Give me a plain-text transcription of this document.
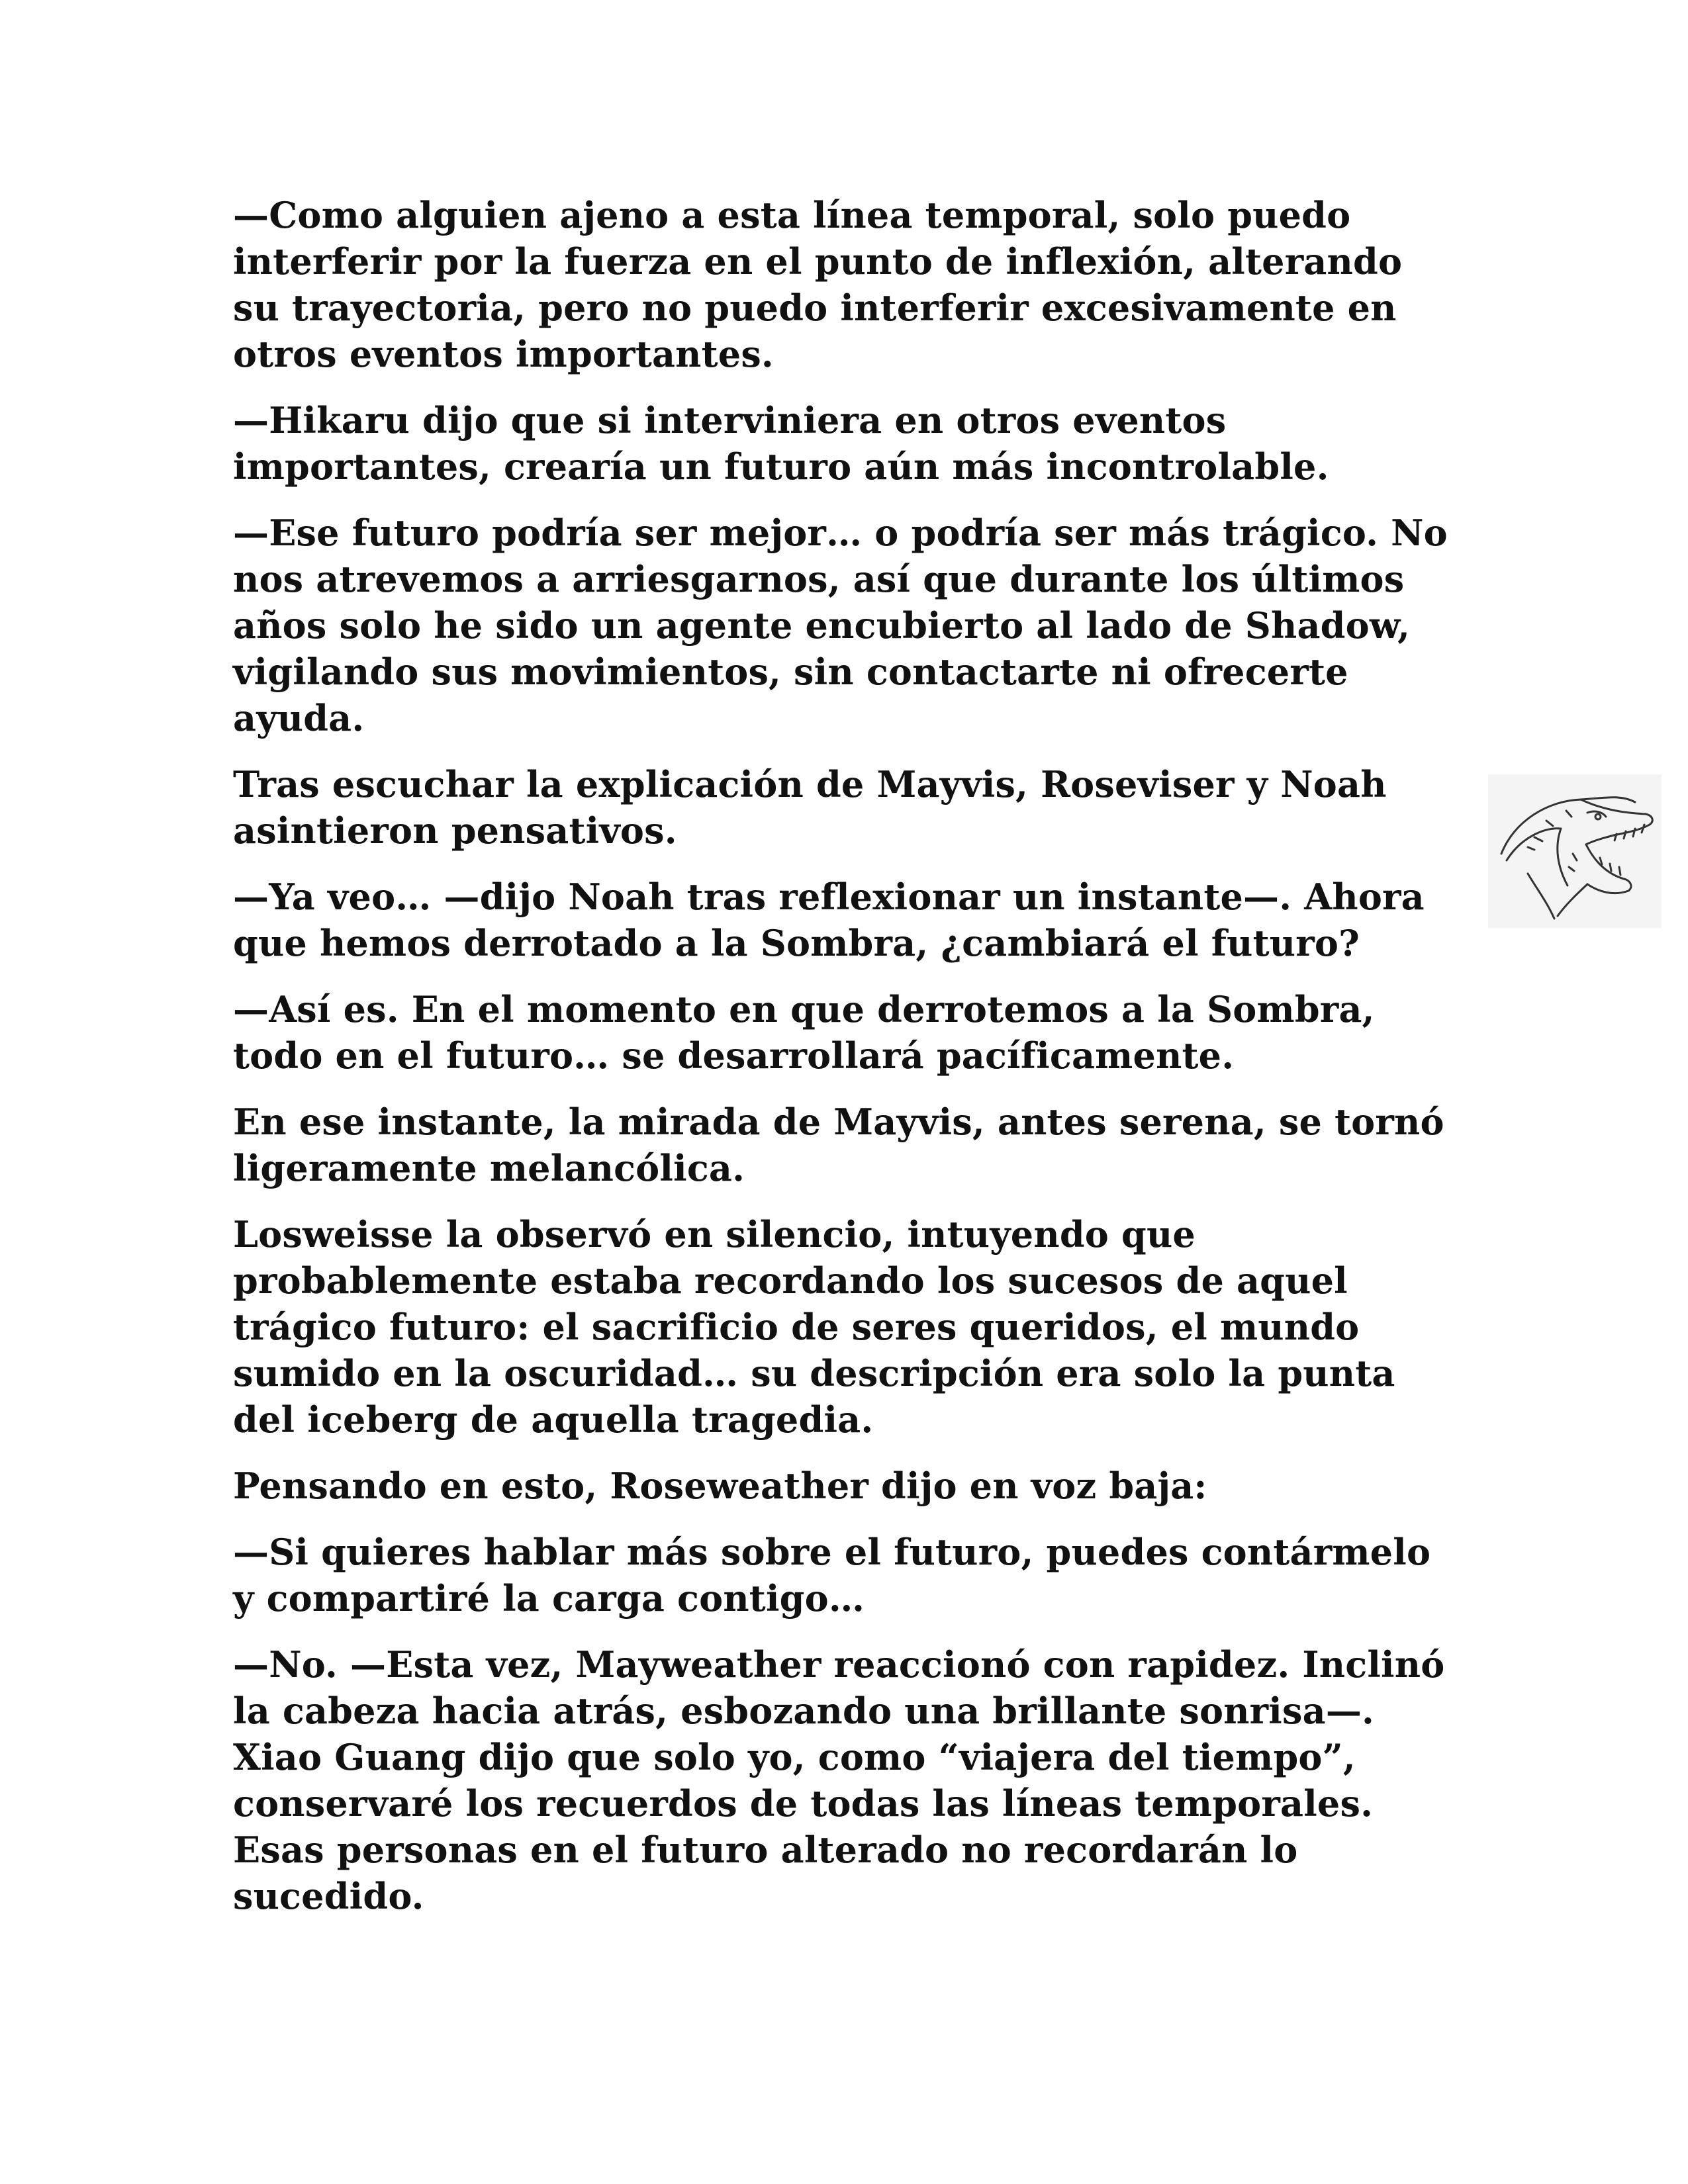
—Como alguien ajeno a esta línea temporal, solo puedo interferir por la fuerza en el punto de inflexión, alterando su trayectoria, pero no puedo interferir excesivamente en otros eventos importantes.

—Hikaru dijo que si interviniera en otros eventos importantes, crearía un futuro aún más incontrolable.

—Ese futuro podría ser mejor… o podría ser más trágico. No nos atrevemos a arriesgarnos, así que durante los últimos años solo he sido un agente encubierto al lado de Shadow, vigilando sus movimientos, sin contactarte ni ofrecerte ayuda.

Tras escuchar la explicación de Mayvis, Roseviser y Noah asintieron pensativos.

—Ya veo… —dijo Noah tras reflexionar un instante—. Ahora que hemos derrotado a la Sombra, ¿cambiará el futuro?

—Así es. En el momento en que derrotemos a la Sombra, todo en el futuro… se desarrollará pacíficamente.

En ese instante, la mirada de Mayvis, antes serena, se tornó ligeramente melancólica.

Losweisse la observó en silencio, intuyendo que probablemente estaba recordando los sucesos de aquel trágico futuro: el sacrificio de seres queridos, el mundo sumido en la oscuridad… su descripción era solo la punta del iceberg de aquella tragedia.

Pensando en esto, Roseweather dijo en voz baja:

—Si quieres hablar más sobre el futuro, puedes contármelo y compartiré la carga contigo…

—No. —Esta vez, Mayweather reaccionó con rapidez. Inclinó la cabeza hacia atrás, esbozando una brillante sonrisa—. Xiao Guang dijo que solo yo, como “viajera del tiempo”, conservaré los recuerdos de todas las líneas temporales. Esas personas en el futuro alterado no recordarán lo sucedido.
